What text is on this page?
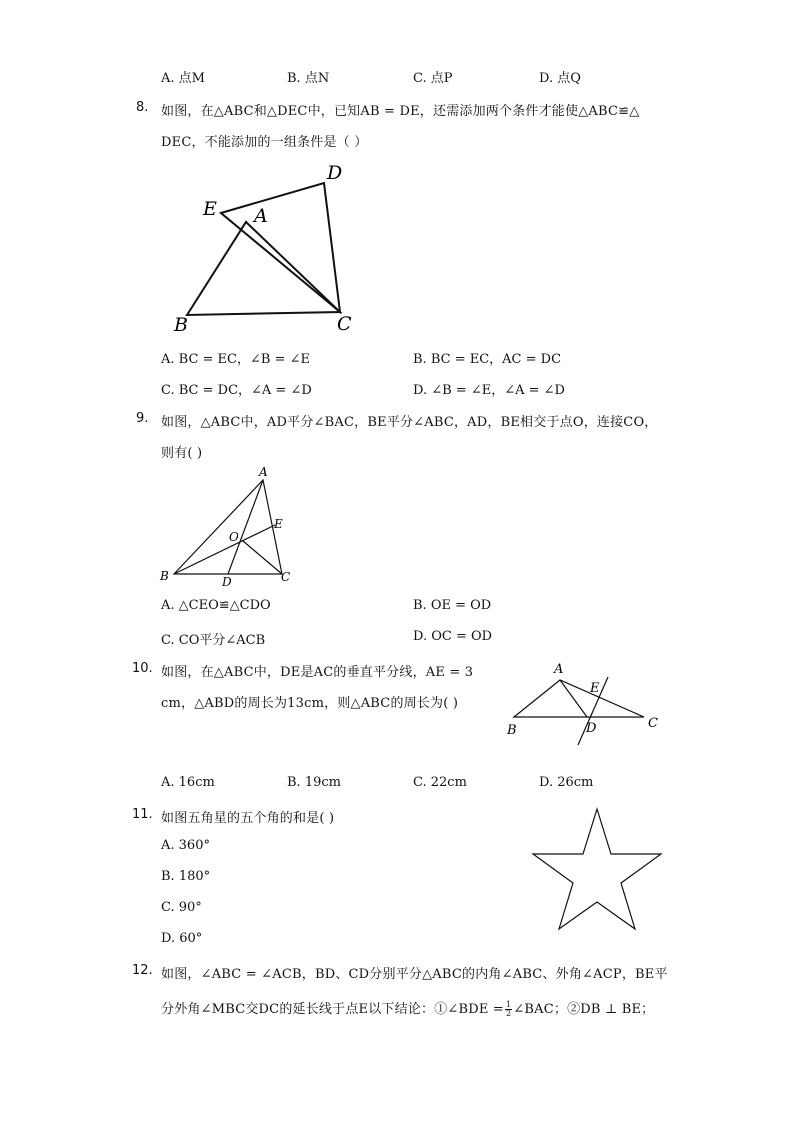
A. 点M	B. 点N	C. 点P	D. 点Q
8. 如图，在△ABC和△DEC中，已知AB = DE，还需添加两个条件才能使△ABC≌△
DEC，不能添加的一组条件是（ ）
D
E A
B	C
A. BC = EC，∠B = ∠E	B. BC = EC，AC = DC
C. BC = DC，∠A = ∠D	D. ∠B = ∠E，∠A = ∠D
9. 如图，△ABC中，AD平分∠BAC，BE平分∠ABC，AD，BE相交于点O，连接CO，
则有( )
A
E
O
B	D	C
A. △CEO≌△CDO	B. OE = OD
C. CO平分∠ACB	D. OC = OD
10. 如图，在△ABC中，DE是AC的垂直平分线，AE = 3
cm，△ABD的周长为13cm，则△ABC的周长为( )
A
E
B	D	C
A. 16cm	B. 19cm	C. 22cm	D. 26cm
11. 如图五角星的五个角的和是( )
A. 360°
B. 180°
C. 90°
D. 60°
12. 如图，∠ABC = ∠ACB，BD、CD分别平分△ABC的内角∠ABC、外角∠ACP，BE平
分外角∠MBC交DC的延长线于点E以下结论：①∠BDE = $\frac{1}{2}$ ∠BAC；②DB ⊥ BE；
